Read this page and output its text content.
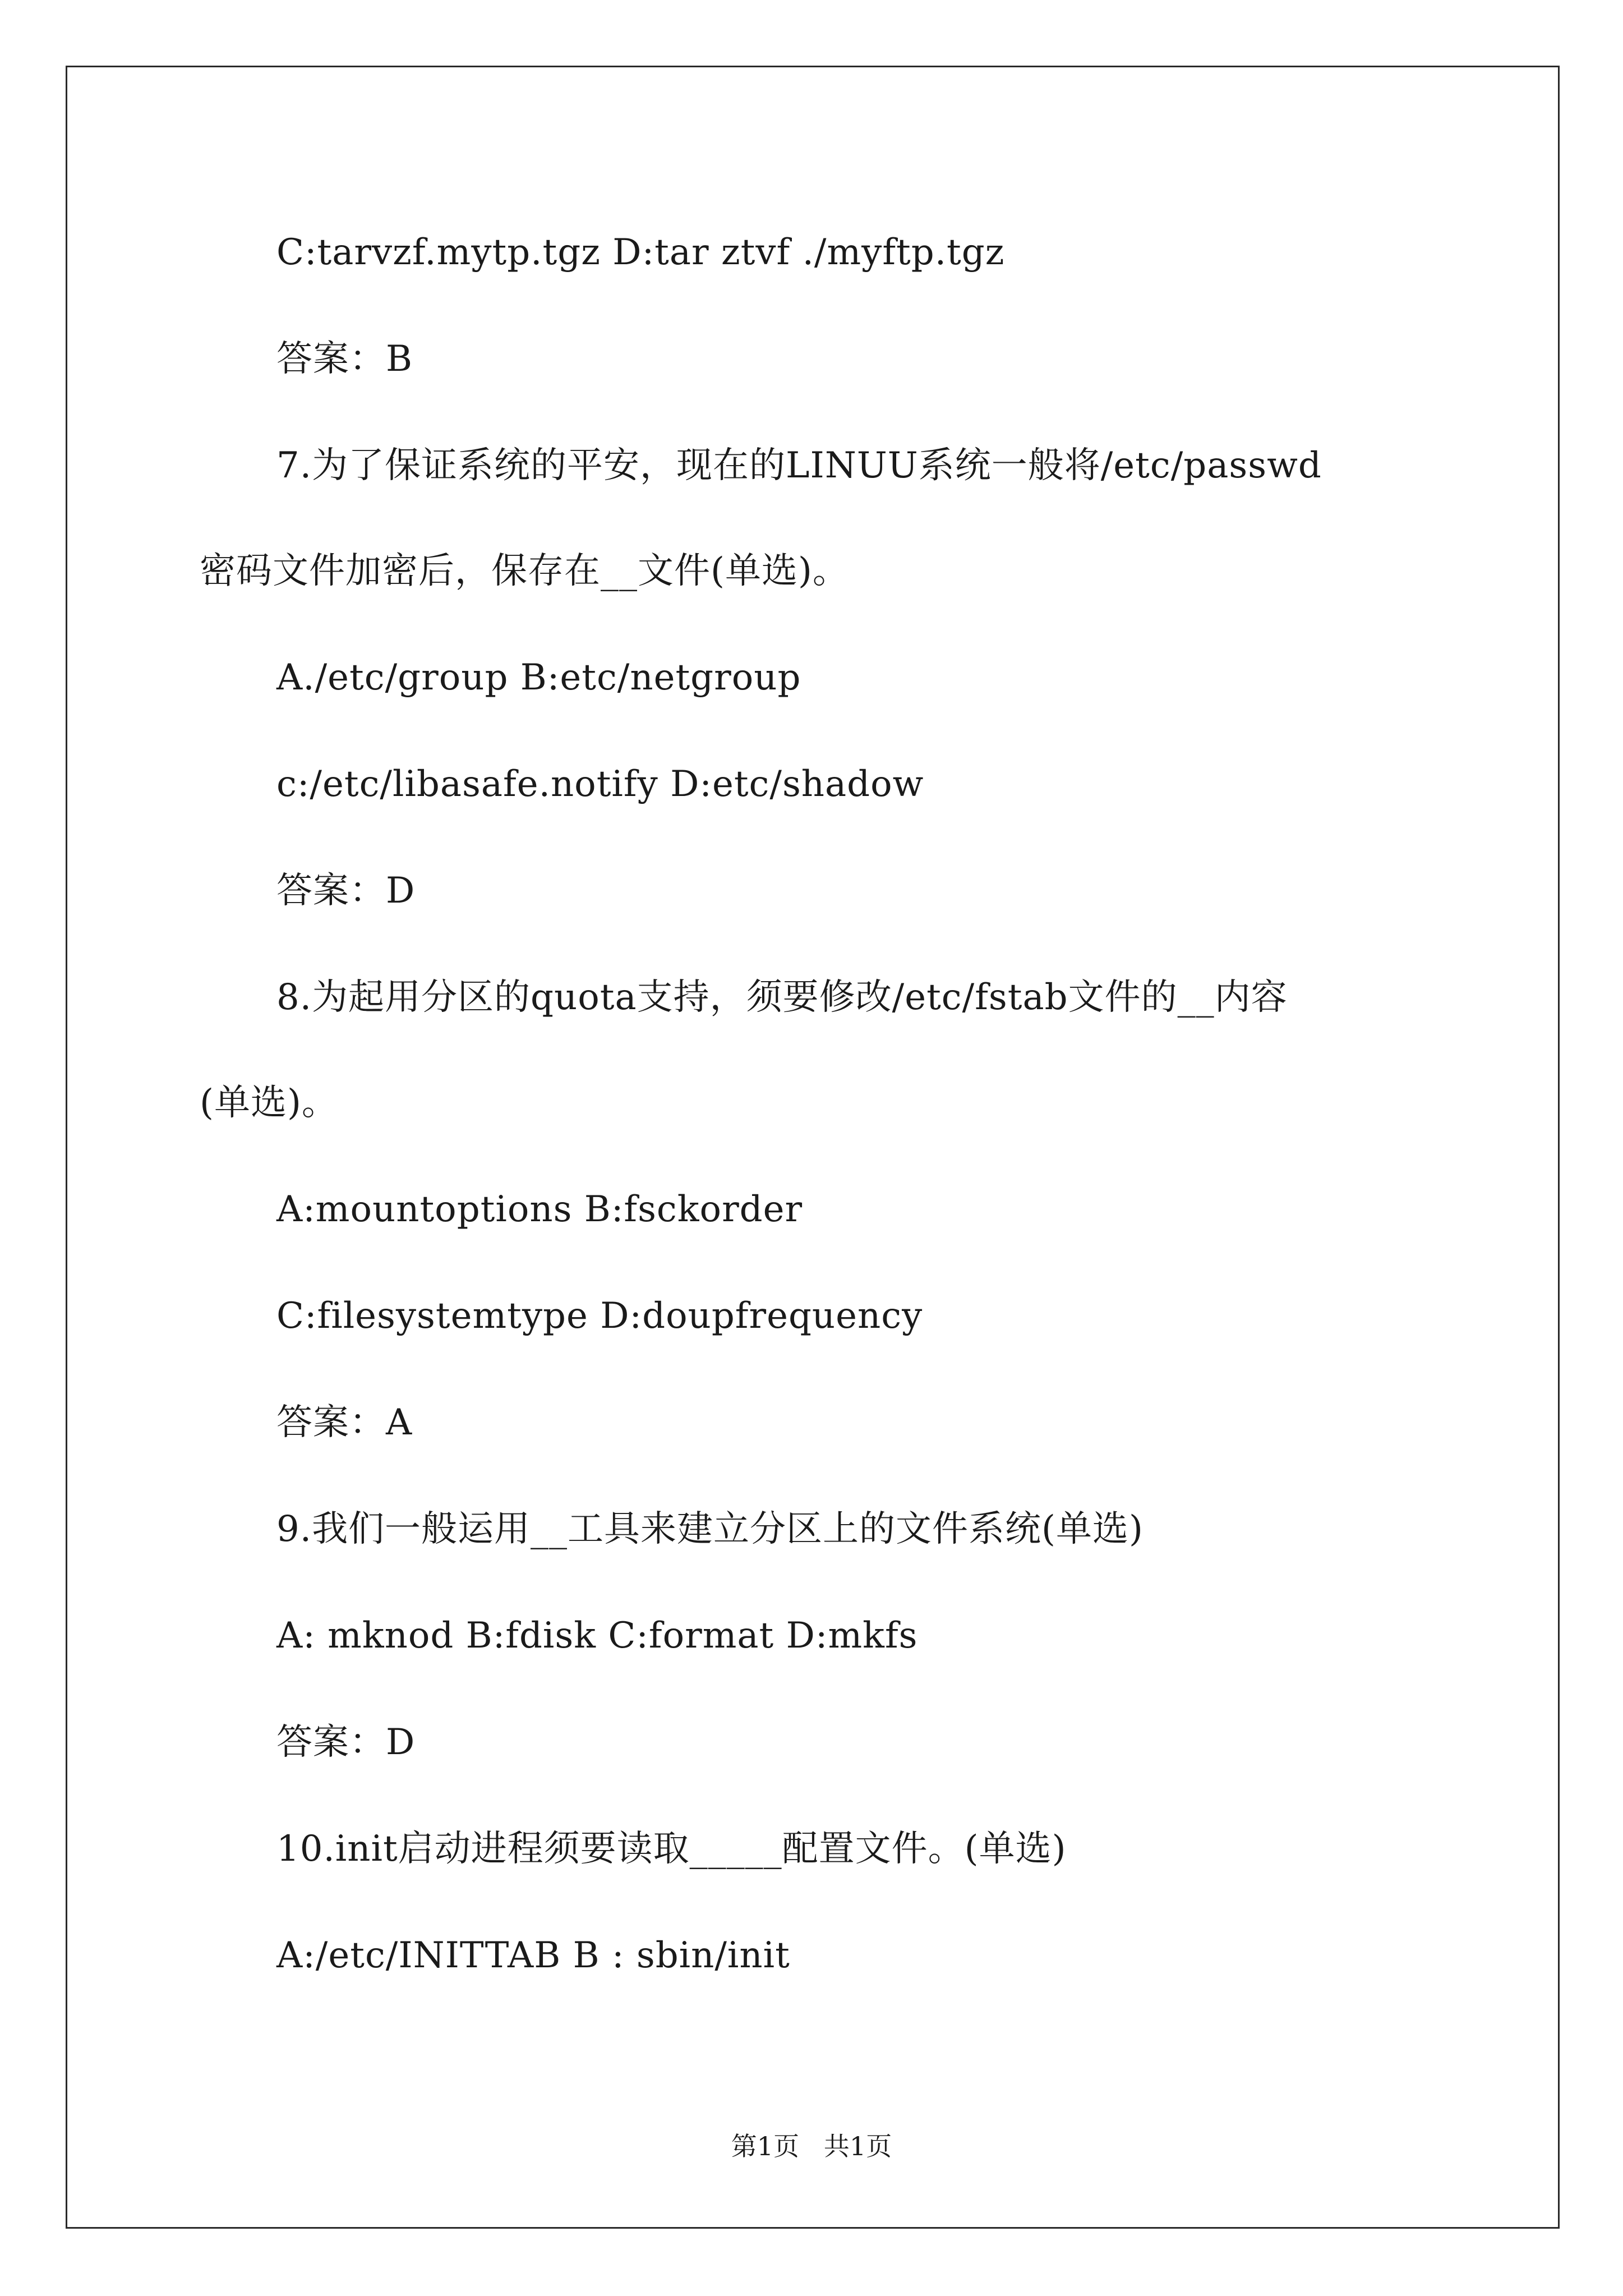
C:tarvzf.mytp.tgz D:tar ztvf ./myftp.tgz
答案：B
7.为了保证系统的平安，现在的LINUU系统一般将/etc/passwd
密码文件加密后，保存在__文件(单选)。
A./etc/group B:etc/netgroup
c:/etc/libasafe.notify D:etc/shadow
答案：D
8.为起用分区的quota支持，须要修改/etc/fstab文件的__内容
(单选)。
A:mountoptions B:fsckorder
C:filesystemtype D:doupfrequency
答案：A
9.我们一般运用__工具来建立分区上的文件系统(单选)
A: mknod B:fdisk C:format D:mkfs
答案：D
10.init启动进程须要读取_____配置文件。(单选)
A:/etc/INITTAB B : sbin/init
第1页   共1页
